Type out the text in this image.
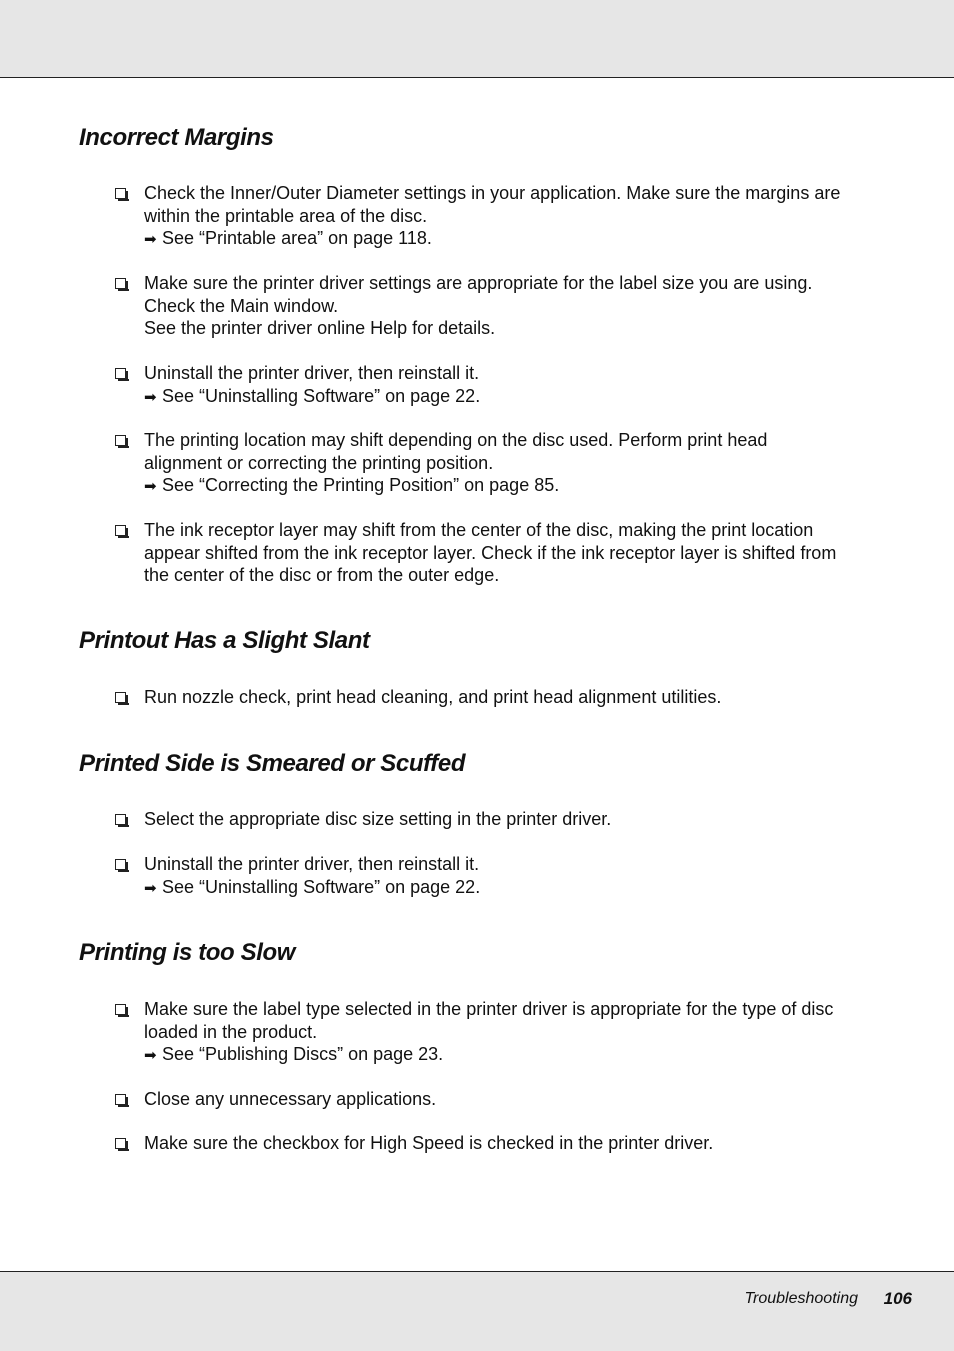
Incorrect Margins
Check the Inner/Outer Diameter settings in your application. Make sure the margins are
within the printable area of the disc.
➡ See “Printable area” on page 118.
Make sure the printer driver settings are appropriate for the label size you are using.
Check the Main window.
See the printer driver online Help for details.
Uninstall the printer driver, then reinstall it.
➡ See “Uninstalling Software” on page 22.
The printing location may shift depending on the disc used. Perform print head
alignment or correcting the printing position.
➡ See “Correcting the Printing Position” on page 85.
The ink receptor layer may shift from the center of the disc, making the print location
appear shifted from the ink receptor layer. Check if the ink receptor layer is shifted from
the center of the disc or from the outer edge.
Printout Has a Slight Slant
Run nozzle check, print head cleaning, and print head alignment utilities.
Printed Side is Smeared or Scuffed
Select the appropriate disc size setting in the printer driver.
Uninstall the printer driver, then reinstall it.
➡ See “Uninstalling Software” on page 22.
Printing is too Slow
Make sure the label type selected in the printer driver is appropriate for the type of disc
loaded in the product.
➡ See “Publishing Discs” on page 23.
Close any unnecessary applications.
Make sure the checkbox for High Speed is checked in the printer driver.
Troubleshooting 106
